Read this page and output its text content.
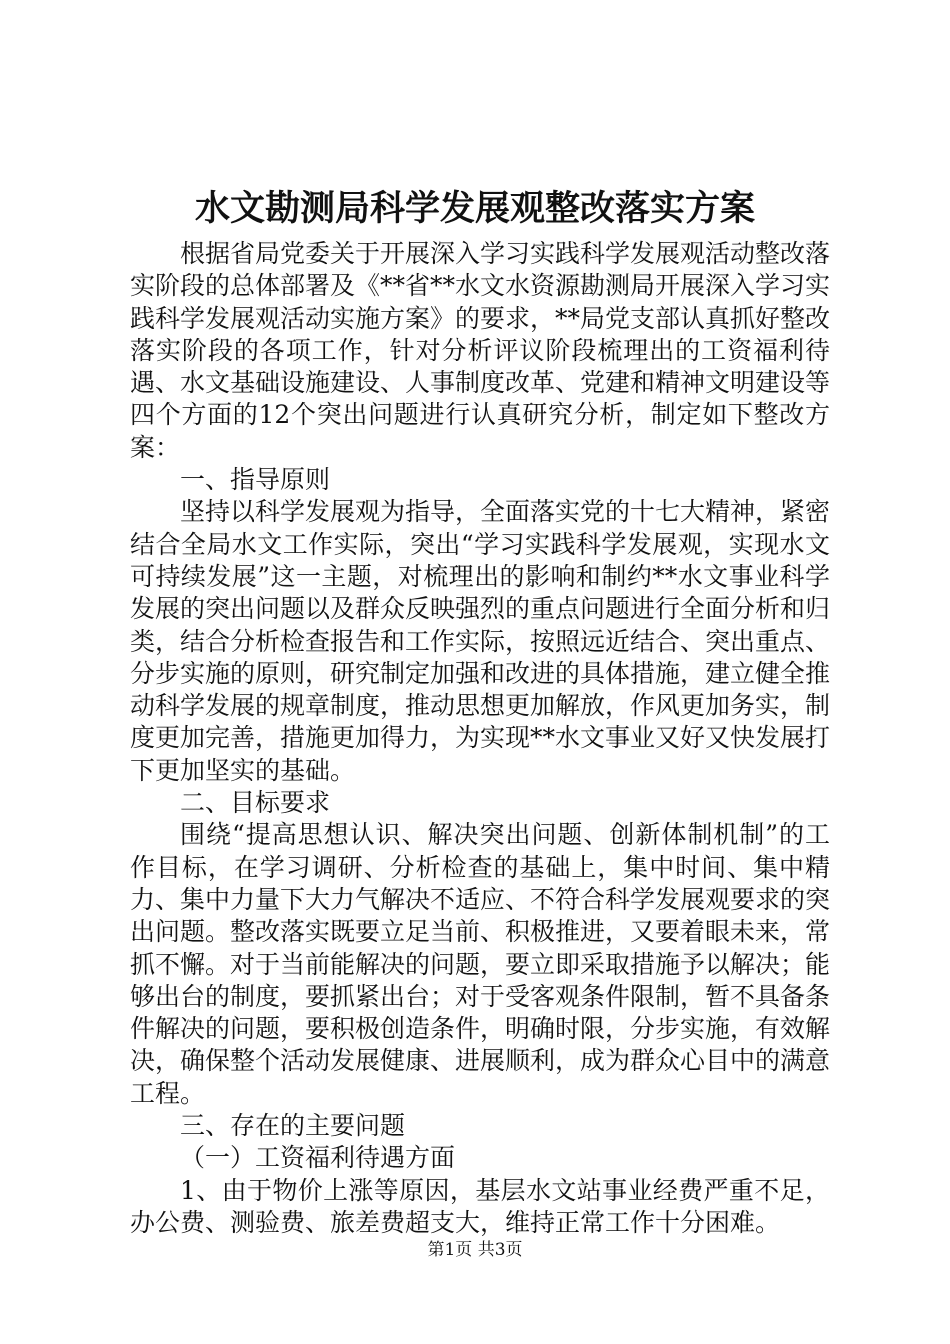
水文勘测局科学发展观整改落实方案

根据省局党委关于开展深入学习实践科学发展观活动整改落实阶段的总体部署及《**省**水文水资源勘测局开展深入学习实践科学发展观活动实施方案》的要求，**局党支部认真抓好整改落实阶段的各项工作，针对分析评议阶段梳理出的工资福利待遇、水文基础设施建设、人事制度改革、党建和精神文明建设等四个方面的12个突出问题进行认真研究分析，制定如下整改方案：

一、指导原则

坚持以科学发展观为指导，全面落实党的十七大精神，紧密结合全局水文工作实际，突出“学习实践科学发展观，实现水文可持续发展”这一主题，对梳理出的影响和制约**水文事业科学发展的突出问题以及群众反映强烈的重点问题进行全面分析和归类，结合分析检查报告和工作实际，按照远近结合、突出重点、分步实施的原则，研究制定加强和改进的具体措施，建立健全推动科学发展的规章制度，推动思想更加解放，作风更加务实，制度更加完善，措施更加得力，为实现**水文事业又好又快发展打下更加坚实的基础。

二、目标要求

围绕“提高思想认识、解决突出问题、创新体制机制”的工作目标，在学习调研、分析检查的基础上，集中时间、集中精力、集中力量下大力气解决不适应、不符合科学发展观要求的突出问题。整改落实既要立足当前、积极推进，又要着眼未来，常抓不懈。对于当前能解决的问题，要立即采取措施予以解决；能够出台的制度，要抓紧出台；对于受客观条件限制，暂不具备条件解决的问题，要积极创造条件，明确时限，分步实施，有效解决，确保整个活动发展健康、进展顺利，成为群众心目中的满意工程。

三、存在的主要问题

（一）工资福利待遇方面

1、由于物价上涨等原因，基层水文站事业经费严重不足，办公费、测验费、旅差费超支大，维持正常工作十分困难。

第1页 共3页
